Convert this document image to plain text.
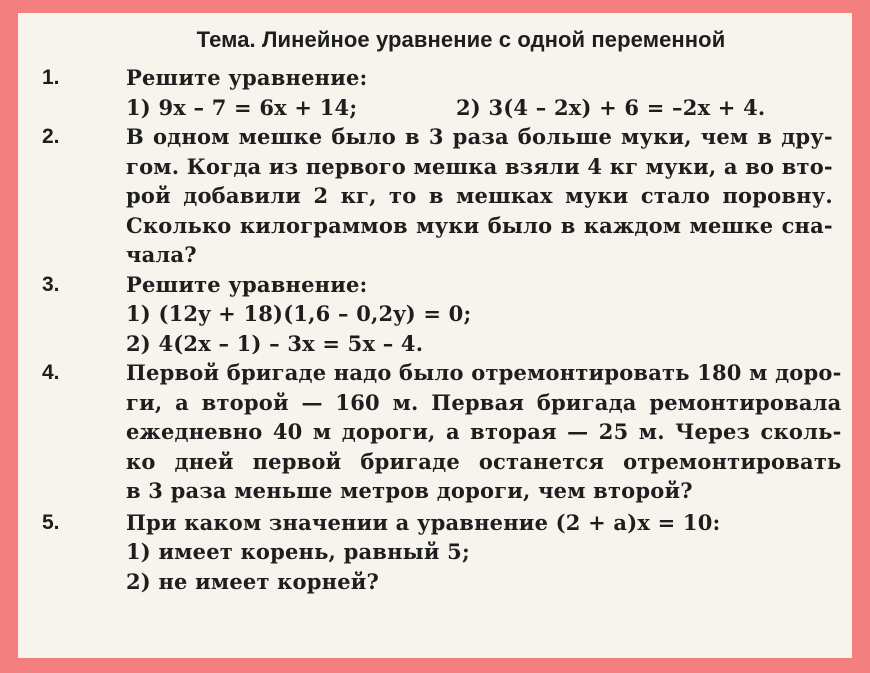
Тема. Линейное уравнение с одной переменной
1.	Решите уравнение:
1) 9x – 7 = 6x + 14;	2) 3(4 – 2x) + 6 = –2x + 4.
2.	В одном мешке было в 3 раза больше муки, чем в дру-
гом. Когда из первого мешка взяли 4 кг муки, а во вто-
рой добавили 2 кг, то в мешках муки стало поровну.
Сколько килограммов муки было в каждом мешке сна-
чала?
3.	Решите уравнение:
1) (12y + 18)(1,6 – 0,2y) = 0;
2) 4(2x – 1) – 3x = 5x – 4.
4.	Первой бригаде надо было отремонтировать 180 м доро-
ги, а второй — 160 м. Первая бригада ремонтировала
ежедневно 40 м дороги, а вторая — 25 м. Через сколь-
ко дней первой бригаде останется отремонтировать
в 3 раза меньше метров дороги, чем второй?
5.	При каком значении a уравнение (2 + a)x = 10:
1) имеет корень, равный 5;
2) не имеет корней?
